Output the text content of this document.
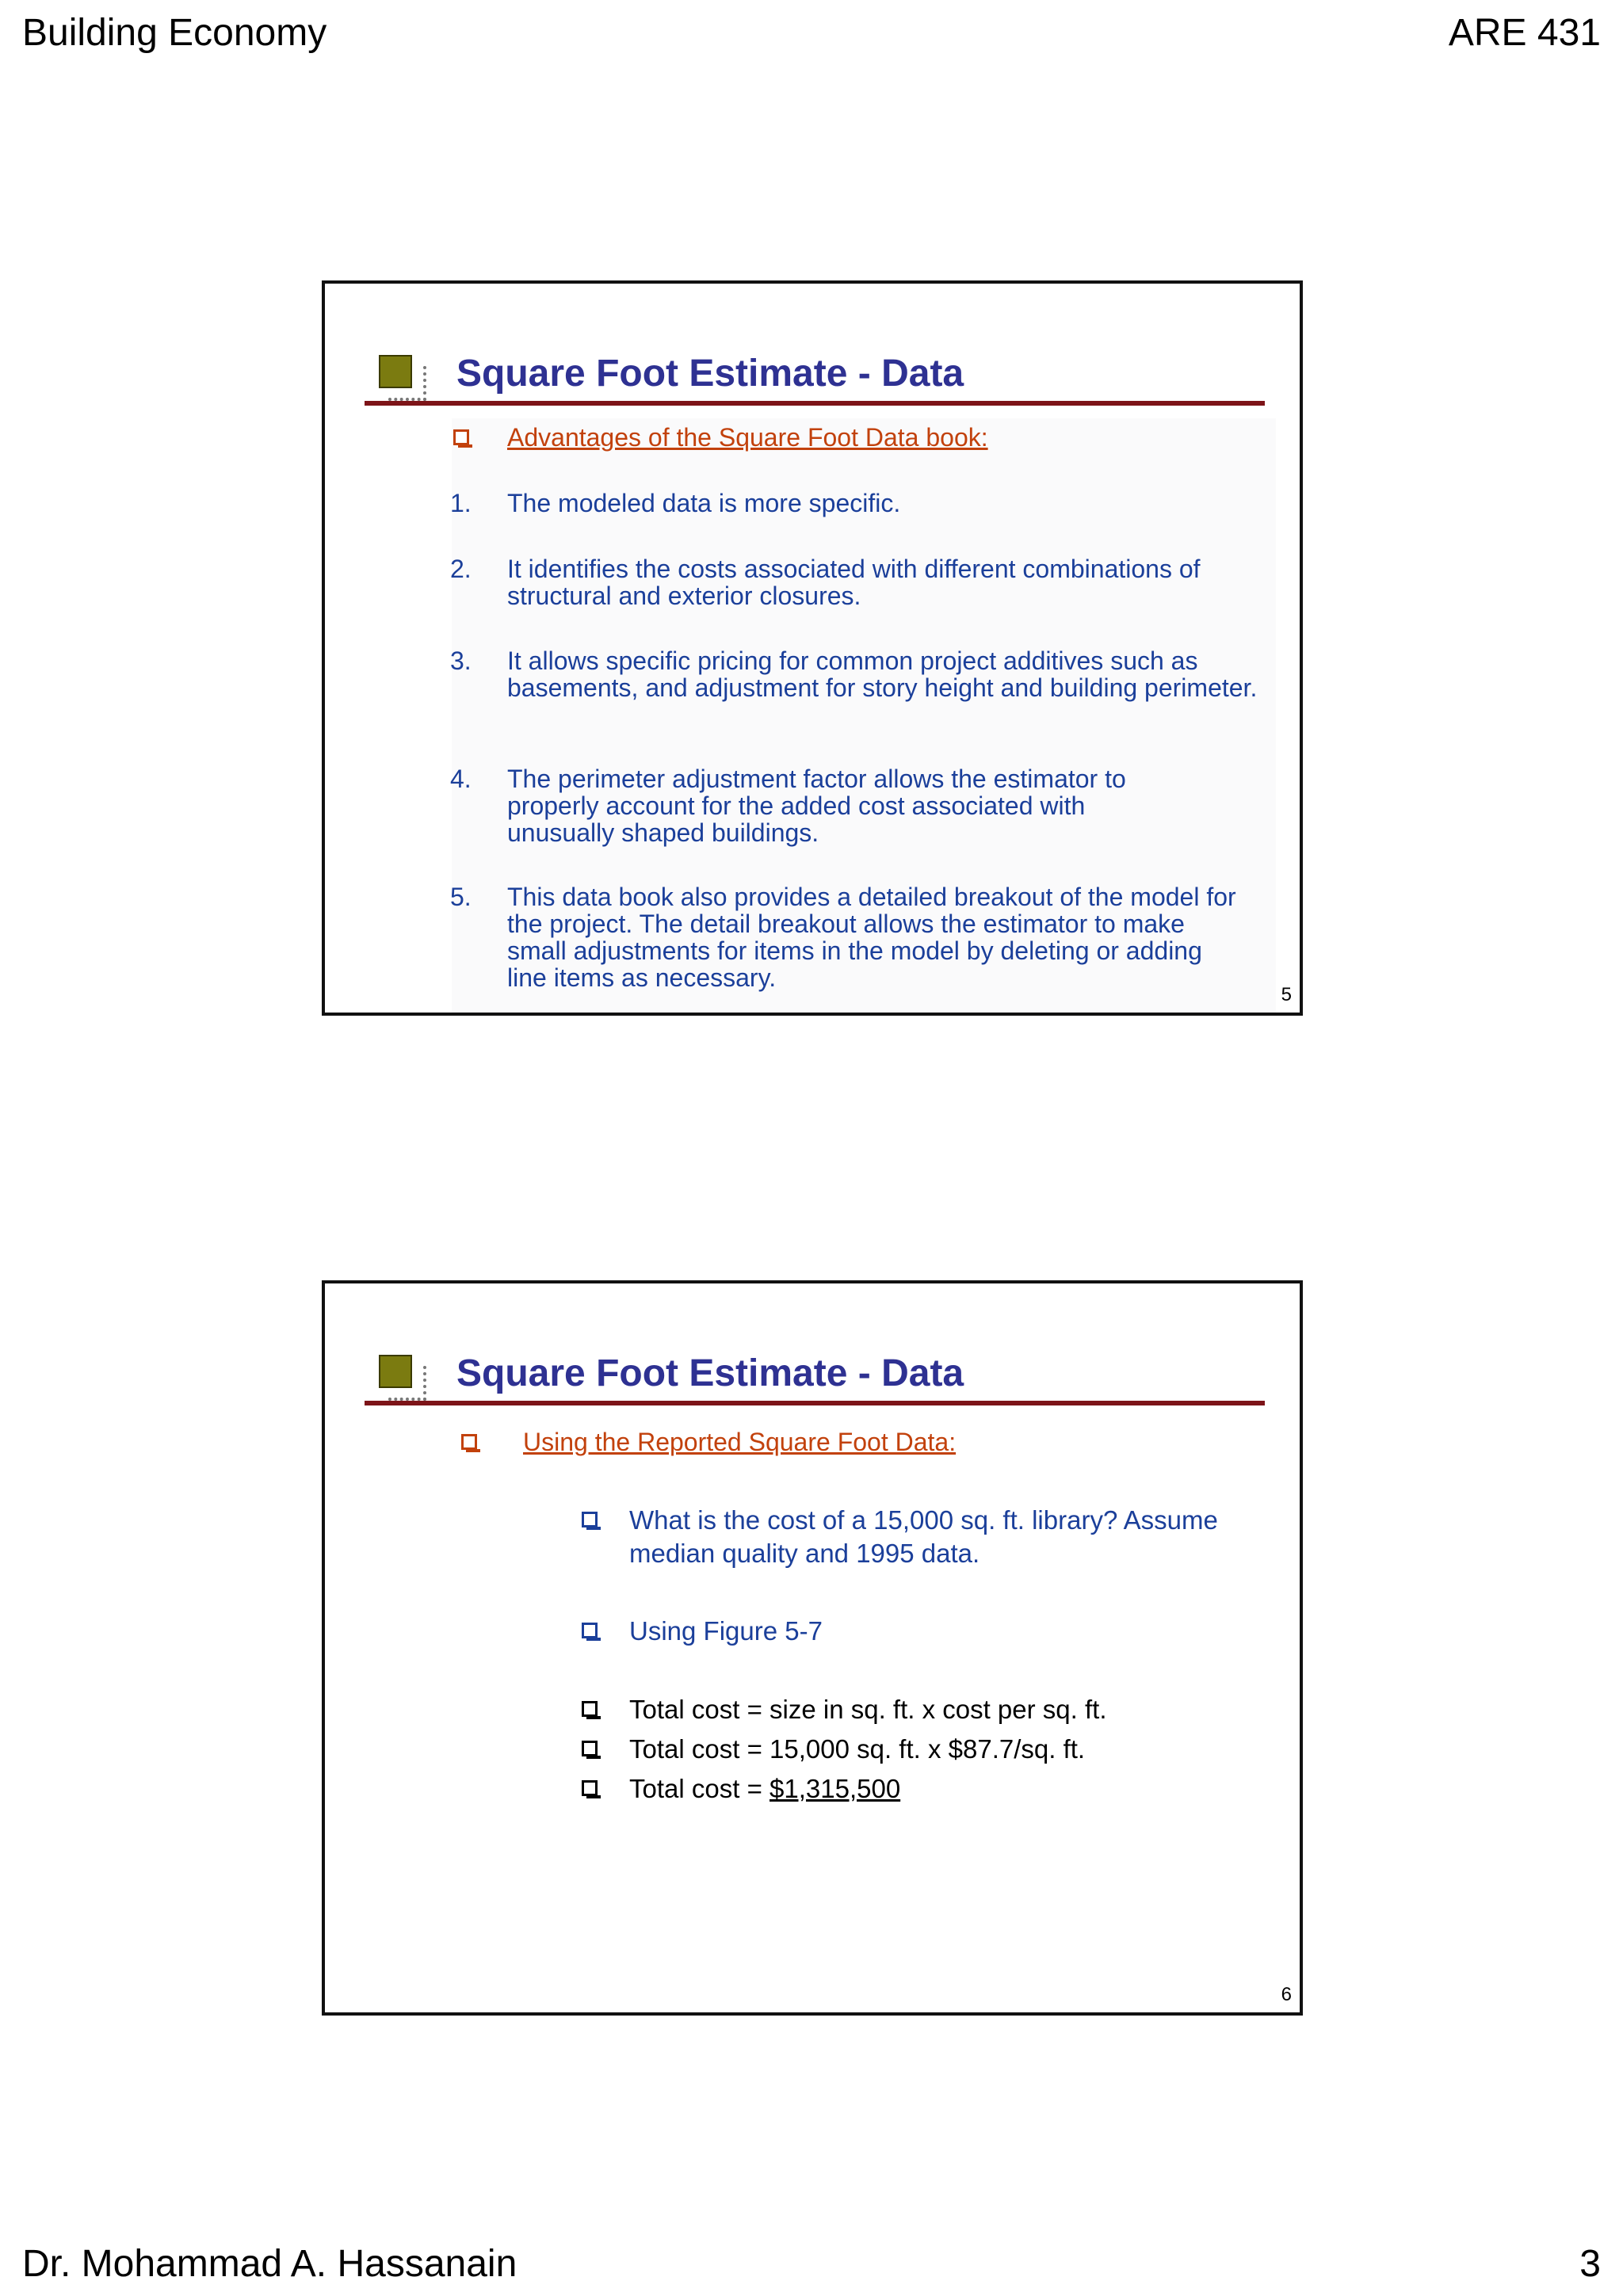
Building Economy	ARE 431
Square Foot Estimate - Data
Advantages of the Square Foot Data book:
1.	The modeled data is more specific.
2.	It identifies the costs associated with different combinations of structural and exterior closures.
3.	It allows specific pricing for common project additives such as basements, and adjustment for story height and building perimeter.
4.	The perimeter adjustment factor allows the estimator to properly account for the added cost associated with unusually shaped buildings.
5.	This data book also provides a detailed breakout of the model for the project. The detail breakout allows the estimator to make small adjustments for items in the model by deleting or adding line items as necessary.
5
Square Foot Estimate - Data
Using the Reported Square Foot Data:
What is the cost of a 15,000 sq. ft. library? Assume median quality and 1995 data.
Using Figure 5-7
Total cost = size in sq. ft. x cost per sq. ft.
Total cost = 15,000 sq. ft. x $87.7/sq. ft.
Total cost = $1,315,500
6
Dr. Mohammad A. Hassanain	3
